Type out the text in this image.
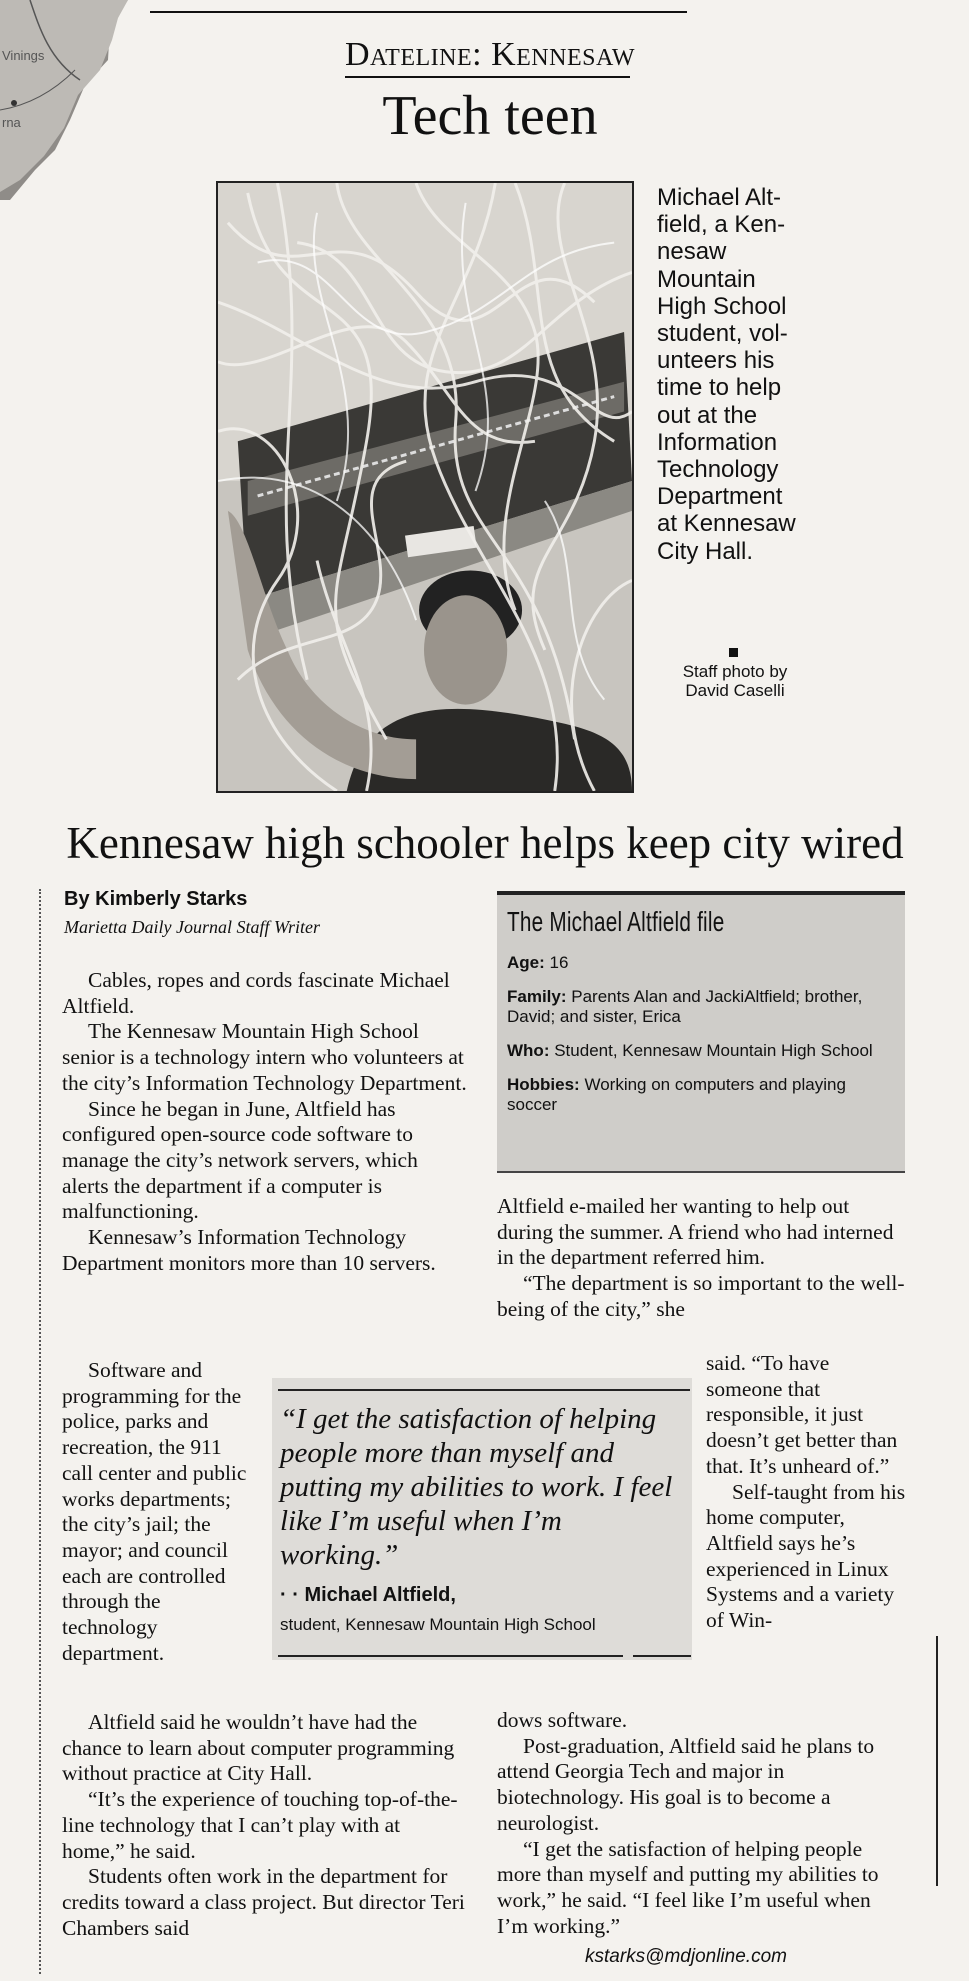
Vinings
rna
Dateline: Kennesaw
Tech teen
Michael Alt-field, a Ken-nesaw Mountain High School student, vol-unteers his time to help out at the Information Technology Department at Kennesaw City Hall.
Staff photo by
David Caselli
Kennesaw high schooler helps keep city wired
By Kimberly Starks
Marietta Daily Journal Staff Writer

Cables, ropes and cords fascinate Michael Altfield.

The Kennesaw Mountain High School senior is a technology intern who volunteers at the city’s Information Technology Department.

Since he began in June, Altfield has configured open-source code software to manage the city’s network servers, which alerts the department if a computer is malfunctioning.

Kennesaw’s Information Technology Department monitors more than 10 servers.

Software and programming for the police, parks and recreation, the 911 call center and public works departments; the city’s jail; the mayor; and council each are controlled through the technology department.

Altfield said he wouldn’t have had the chance to learn about computer programming without practice at City Hall.

“It’s the experience of touching top-of-the-line technology that I can’t play with at home,” he said.

Students often work in the department for credits toward a class project. But director Teri Chambers said

The Michael Altfield file
Age: 16
Family: Parents Alan and JackiAltfield; brother, David; and sister, Erica
Who: Student, Kennesaw Mountain High School
Hobbies: Working on computers and playing soccer

Altfield e-mailed her wanting to help out during the summer. A friend who had interned in the department referred him.

“The department is so important to the well-being of the city,” she

said. “To have someone that responsible, it just doesn’t get better than that. It’s unheard of.”

Self-taught from his home computer, Altfield says he’s experienced in Linux Systems and a variety of Win-

dows software.

Post-graduation, Altfield said he plans to attend Georgia Tech and major in biotechnology. His goal is to become a neurologist.

“I get the satisfaction of helping people more than myself and putting my abilities to work,” he said. “I feel like I’m useful when I’m working.”

“I get the satisfaction of helping people more than myself and putting my abilities to work. I feel like I’m useful when I’m working.”
· · Michael Altfield,
student, Kennesaw Mountain High School
kstarks@mdjonline.com
